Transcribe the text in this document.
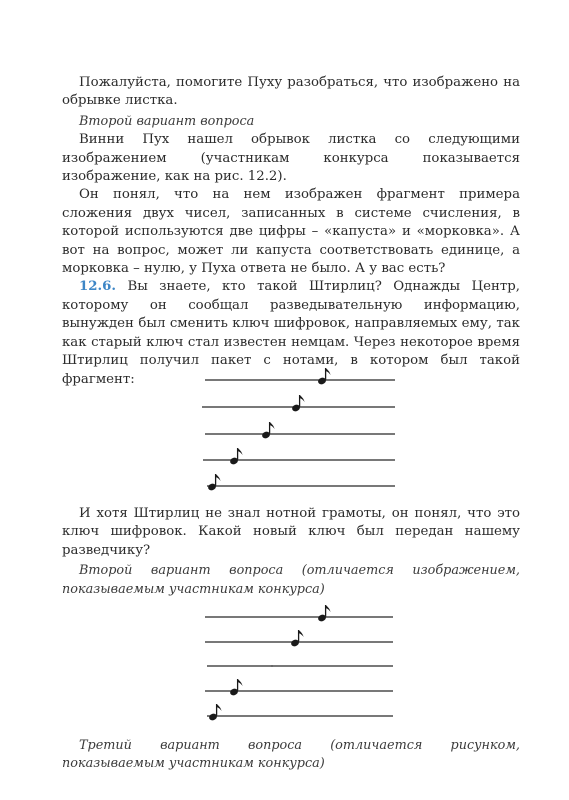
Пожалуйста, помогите Пуху разобраться, что изображено на обрывке листка.

Второй вариант вопроса

Винни Пух нашел обрывок листка со следующими изображением (участникам конкурса показывается изображение, как на рис. 12.2).

Он понял, что на нем изображен фрагмент примера сложения двух чисел, записанных в системе счисления, в которой используются две цифры – «капуста» и «морковка». А вот на вопрос, может ли капуста соответствовать единице, а морковка – нулю, у Пуха ответа не было. А у вас есть?

12.6. Вы знаете, кто такой Штирлиц? Однажды Центр, которому он сообщал разведывательную информацию, вынужден был сменить ключ шифровок, направляемых ему, так как старый ключ стал известен немцам. Через некоторое время Штирлиц получил пакет с нотами, в котором был такой фрагмент:

И хотя Штирлиц не знал нотной грамоты, он понял, что это ключ шифровок. Какой новый ключ был передан нашему разведчику?

Второй вариант вопроса (отличается изображением, показываемым участникам конкурса)

Третий вариант вопроса (отличается рисунком, показываемым участникам конкурса)
